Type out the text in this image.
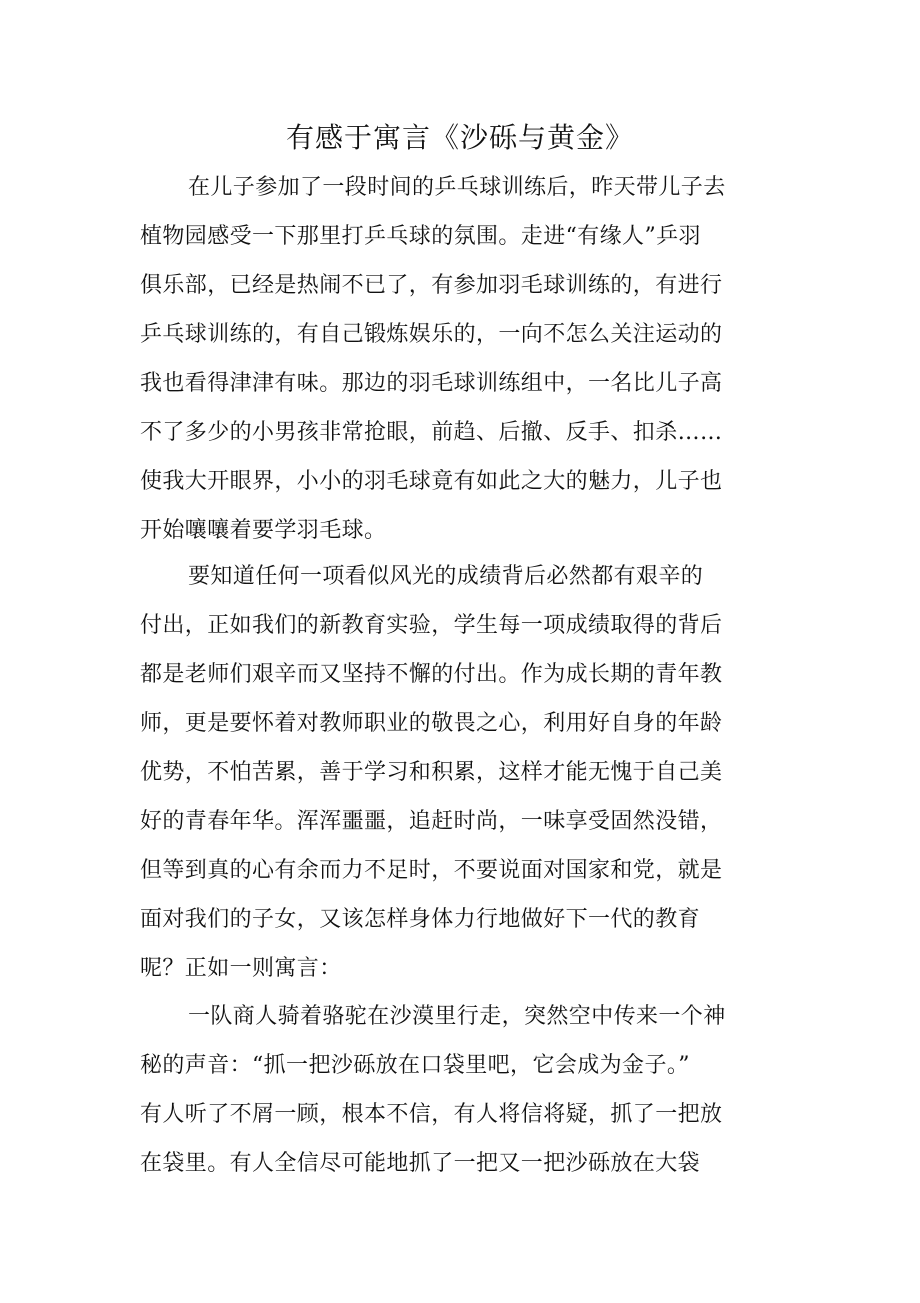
有感于寓言《沙砾与黄金》
在儿子参加了一段时间的乒乓球训练后，昨天带儿子去
植物园感受一下那里打乒乓球的氛围。走进“有缘人”乒羽
俱乐部，已经是热闹不已了，有参加羽毛球训练的，有进行
乒乓球训练的，有自己锻炼娱乐的，一向不怎么关注运动的
我也看得津津有味。那边的羽毛球训练组中，一名比儿子高
不了多少的小男孩非常抢眼，前趋、后撤、反手、扣杀……
使我大开眼界，小小的羽毛球竟有如此之大的魅力，儿子也
开始嚷嚷着要学羽毛球。
要知道任何一项看似风光的成绩背后必然都有艰辛的
付出，正如我们的新教育实验，学生每一项成绩取得的背后
都是老师们艰辛而又坚持不懈的付出。作为成长期的青年教
师，更是要怀着对教师职业的敬畏之心，利用好自身的年龄
优势，不怕苦累，善于学习和积累，这样才能无愧于自己美
好的青春年华。浑浑噩噩，追赶时尚，一味享受固然没错，
但等到真的心有余而力不足时，不要说面对国家和党，就是
面对我们的子女，又该怎样身体力行地做好下一代的教育
呢？正如一则寓言：
一队商人骑着骆驼在沙漠里行走，突然空中传来一个神
秘的声音：“抓一把沙砾放在口袋里吧，它会成为金子。”
有人听了不屑一顾，根本不信，有人将信将疑，抓了一把放
在袋里。有人全信尽可能地抓了一把又一把沙砾放在大袋
